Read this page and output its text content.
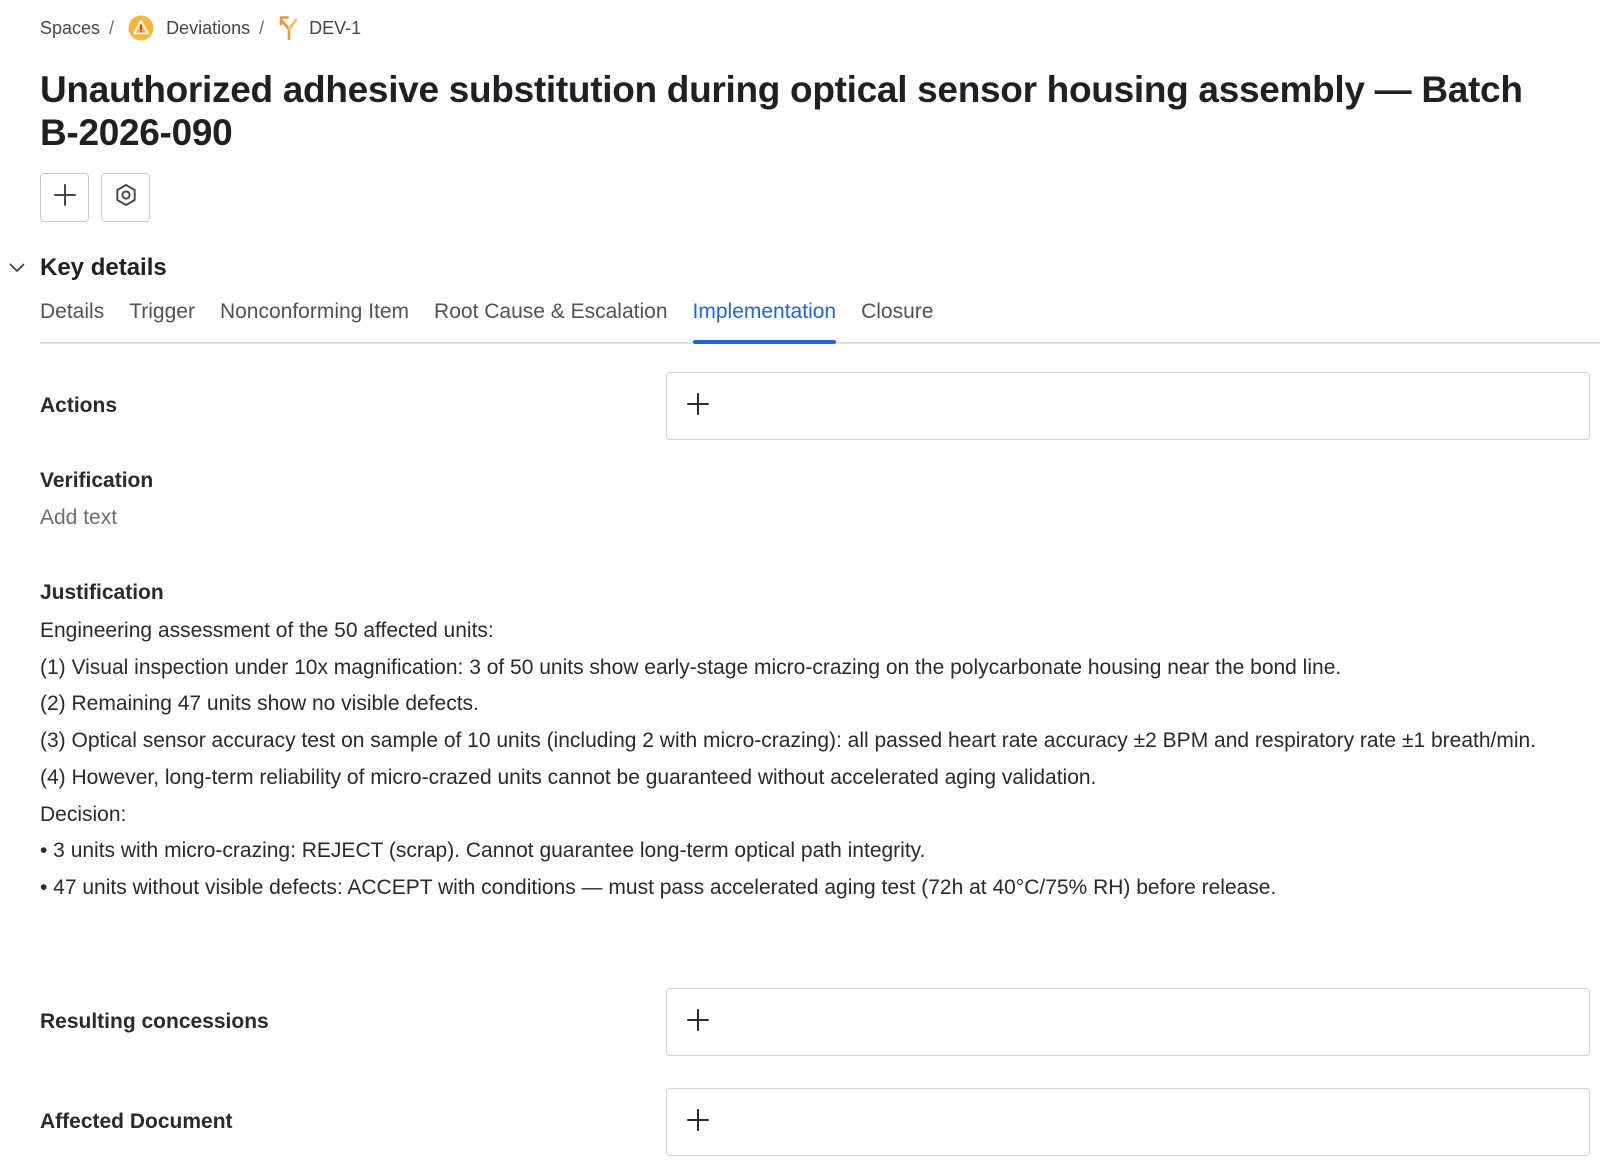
Spaces /	Deviations /	DEV-1
Unauthorized adhesive substitution during optical sensor housing assembly — Batch B-2026-090
Key details
Details Trigger Nonconforming Item Root Cause & Escalation Implementation Closure
Actions
Verification
Add text
Justification
Engineering assessment of the 50 affected units:
(1) Visual inspection under 10x magnification: 3 of 50 units show early-stage micro-crazing on the polycarbonate housing near the bond line.
(2) Remaining 47 units show no visible defects.
(3) Optical sensor accuracy test on sample of 10 units (including 2 with micro-crazing): all passed heart rate accuracy ±2 BPM and respiratory rate ±1 breath/min.
(4) However, long-term reliability of micro-crazed units cannot be guaranteed without accelerated aging validation.
Decision:
• 3 units with micro-crazing: REJECT (scrap). Cannot guarantee long-term optical path integrity.
• 47 units without visible defects: ACCEPT with conditions — must pass accelerated aging test (72h at 40°C/75% RH) before release.
Resulting concessions
Affected Document
